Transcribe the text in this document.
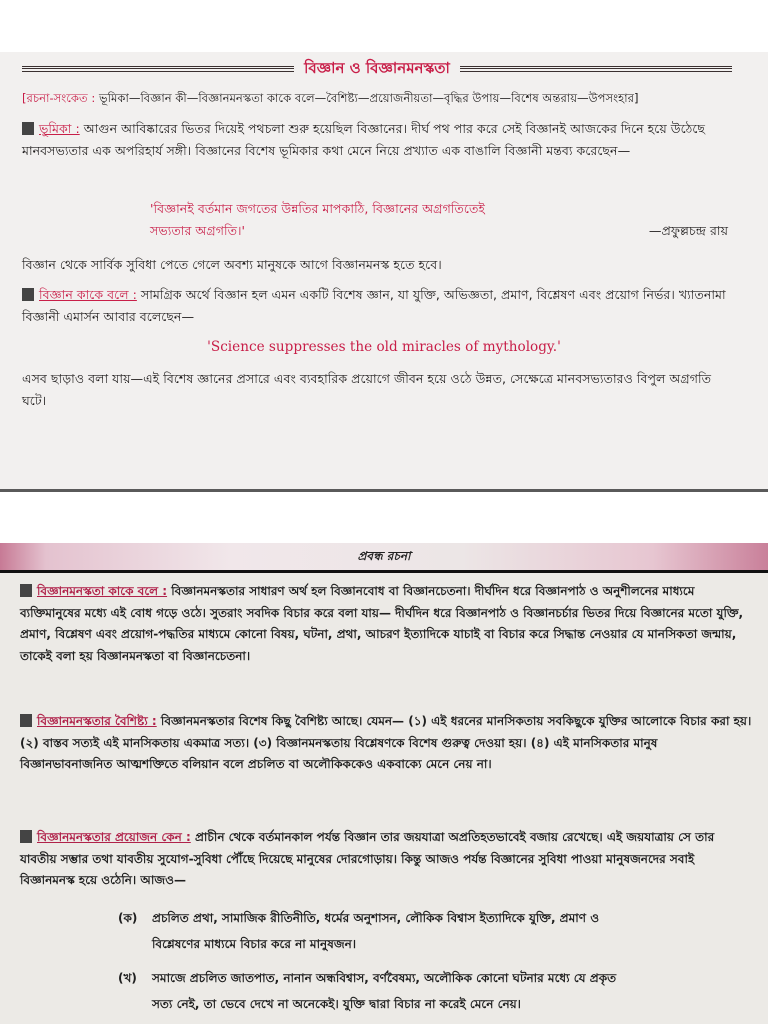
বিজ্ঞান ও বিজ্ঞানমনস্কতা
[রচনা-সংকেত : ভূমিকা—বিজ্ঞান কী—বিজ্ঞানমনস্কতা কাকে বলে—বৈশিষ্ট্য—প্রয়োজনীয়তা—বৃদ্ধির উপায়—বিশেষ অন্তরায়—উপসংহার]

ভূমিকা : আগুন আবিষ্কারের ভিতর দিয়েই পথচলা শুরু হয়েছিল বিজ্ঞানের। দীর্ঘ পথ পার করে সেই বিজ্ঞানই আজকের দিনে হয়ে উঠেছে মানবসভ্যতার এক অপরিহার্য সঙ্গী। বিজ্ঞানের বিশেষ ভূমিকার কথা মেনে নিয়ে প্রখ্যাত এক বাঙালি বিজ্ঞানী মন্তব্য করেছেন—

'বিজ্ঞানই বর্তমান জগতের উন্নতির মাপকাঠি, বিজ্ঞানের অগ্রগতিতেই
সভ্যতার অগ্রগতি।'	—প্রফুল্লচন্দ্র রায়

বিজ্ঞান থেকে সার্বিক সুবিধা পেতে গেলে অবশ্য মানুষকে আগে বিজ্ঞানমনস্ক হতে হবে।

বিজ্ঞান কাকে বলে : সামগ্রিক অর্থে বিজ্ঞান হল এমন একটি বিশেষ জ্ঞান, যা যুক্তি, অভিজ্ঞতা, প্রমাণ, বিশ্লেষণ এবং প্রয়োগ নির্ভর। খ্যাতনামা বিজ্ঞানী এমার্সন আবার বলেছেন—

'Science suppresses the old miracles of mythology.'

এসব ছাড়াও বলা যায়—এই বিশেষ জ্ঞানের প্রসারে এবং ব্যবহারিক প্রয়োগে জীবন হয়ে ওঠে উন্নত, সেক্ষেত্রে মানবসভ্যতারও বিপুল অগ্রগতি ঘটে।

প্রবন্ধ রচনা

বিজ্ঞানমনস্কতা কাকে বলে : বিজ্ঞানমনস্কতার সাধারণ অর্থ হল বিজ্ঞানবোধ বা বিজ্ঞানচেতনা। দীর্ঘদিন ধরে বিজ্ঞানপাঠ ও অনুশীলনের মাধ্যমে ব্যক্তিমানুষের মধ্যে এই বোধ গড়ে ওঠে। সুতরাং সবদিক বিচার করে বলা যায়— দীর্ঘদিন ধরে বিজ্ঞানপাঠ ও বিজ্ঞানচর্চার ভিতর দিয়ে বিজ্ঞানের মতো যুক্তি, প্রমাণ, বিশ্লেষণ এবং প্রয়োগ-পদ্ধতির মাধ্যমে কোনো বিষয়, ঘটনা, প্রথা, আচরণ ইত্যাদিকে যাচাই বা বিচার করে সিদ্ধান্ত নেওয়ার যে মানসিকতা জন্মায়, তাকেই বলা হয় বিজ্ঞানমনস্কতা বা বিজ্ঞানচেতনা।

বিজ্ঞানমনস্কতার বৈশিষ্ট্য : বিজ্ঞানমনস্কতার বিশেষ কিছু বৈশিষ্ট্য আছে। যেমন— (১) এই ধরনের মানসিকতায় সবকিছুকে যুক্তির আলোকে বিচার করা হয়। (২) বাস্তব সত্যই এই মানসিকতায় একমাত্র সত্য। (৩) বিজ্ঞানমনস্কতায় বিশ্লেষণকে বিশেষ গুরুত্ব দেওয়া হয়। (৪) এই মানসিকতার মানুষ বিজ্ঞানভাবনাজনিত আত্মশক্তিতে বলিয়ান বলে প্রচলিত বা অলৌকিককেও একবাক্যে মেনে নেয় না।

বিজ্ঞানমনস্কতার প্রয়োজন কেন : প্রাচীন থেকে বর্তমানকাল পর্যন্ত বিজ্ঞান তার জয়যাত্রা অপ্রতিহতভাবেই বজায় রেখেছে। এই জয়যাত্রায় সে তার যাবতীয় সম্ভার তথা যাবতীয় সুযোগ-সুবিধা পৌঁছে দিয়েছে মানুষের দোরগোড়ায়। কিন্তু আজও পর্যন্ত বিজ্ঞানের সুবিধা পাওয়া মানুষজনদের সবাই বিজ্ঞানমনস্ক হয়ে ওঠেনি। আজও—

(ক) প্রচলিত প্রথা, সামাজিক রীতিনীতি, ধর্মের অনুশাসন, লৌকিক বিশ্বাস ইত্যাদিকে যুক্তি, প্রমাণ ও
বিশ্লেষণের মাধ্যমে বিচার করে না মানুষজন।
(খ) সমাজে প্রচলিত জাতপাত, নানান অন্ধবিশ্বাস, বর্ণবৈষম্য, অলৌকিক কোনো ঘটনার মধ্যে যে প্রকৃত
সত্য নেই, তা ভেবে দেখে না অনেকেই। যুক্তি দ্বারা বিচার না করেই মেনে নেয়।
